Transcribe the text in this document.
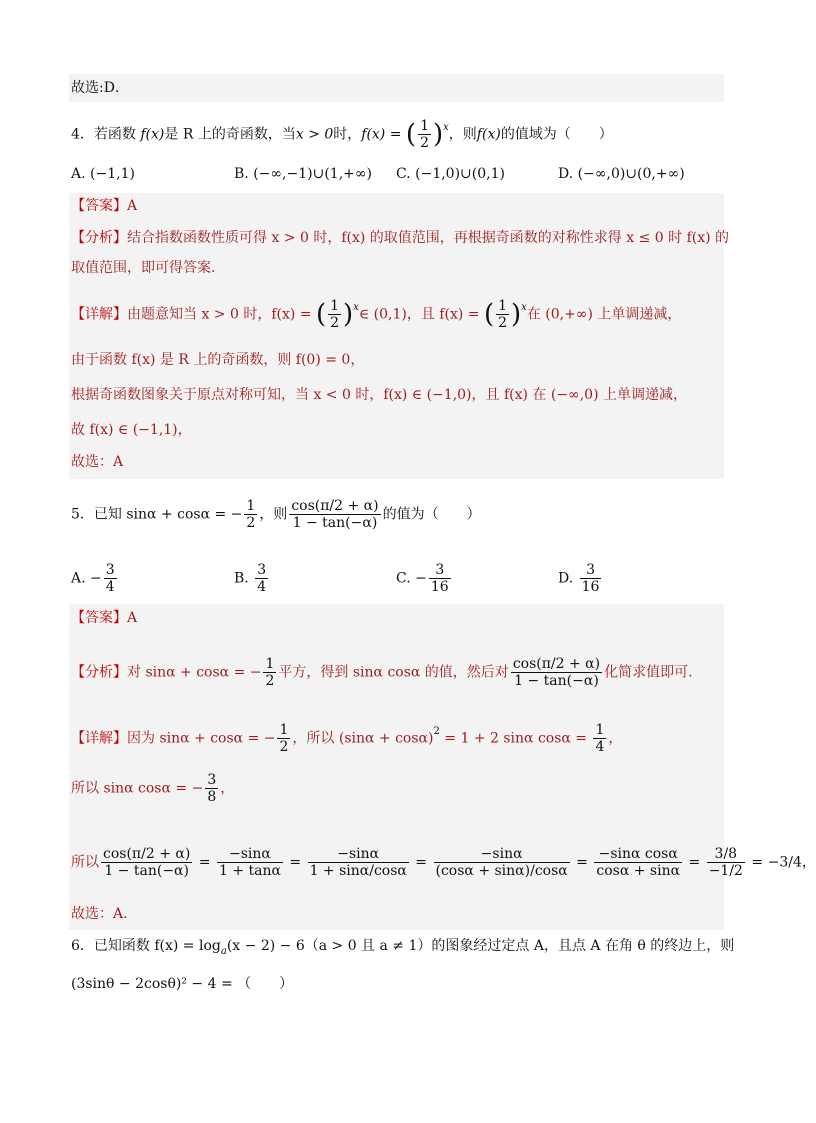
故选:D．
4．若函数 f(x)是 R 上的奇函数，当x > 0时，f(x) = ( $\frac{1}{2} )^x$，则f(x)的值域为（　　）
A. (−1,1)	B. (−∞,−1)∪(1,+∞) C. (−1,0)∪(0,1)	D. (−∞,0)∪(0,+∞)
【答案】A
【分析】结合指数函数性质可得 x > 0 时，f(x) 的取值范围，再根据奇函数的对称性求得 x ≤ 0 时 f(x) 的
取值范围，即可得答案.
【详解】由题意知当 x > 0 时，f(x) = ( $\frac{1}{2}$ )$^x$∈ (0,1)，且 f(x) = ( $\frac{1}{2} )^x$在 (0,+∞) 上单调递减，
由于函数 f(x) 是 R 上的奇函数，则 f(0) = 0，
根据奇函数图象关于原点对称可知，当 x < 0 时，f(x) ∈ (−1,0)，且 f(x) 在 (−∞,0) 上单调递减，
故 f(x) ∈ (−1,1)，
故选：A
5．已知 sinα + cosα = − $\frac{1}{2}$ ，则 $\frac{\cos(\pi/2 + \alpha)}{1 - \tan(-\alpha)}$ 的值为（　　）
A. − $\frac{3}{4}$	B. $\frac{3}{4}$	C. − $\frac{3}{16}$	D. $\frac{3}{16}$
【答案】A
【分析】对 sinα + cosα = − $\frac{1}{2}$ 平方，得到 sinα cosα 的值，然后对 $\frac{\cos(\pi/2 + \alpha)}{1 - \tan(-\alpha)}$ 化简求值即可.
【详解】因为 sinα + cosα = − $\frac{1}{2}$ ，所以 $(\sin\alpha + \cos\alpha)^2 = 1 + 2$ sinα $\cos\alpha = \frac{1}{4}$ ，
所以 sinα cosα = − $\frac{3}{8}$ ，
所以 $\frac{\cos(\pi/2 + \alpha)}{1 - \tan(-\alpha)} = \frac{-\sin\alpha}{1 + \tan\alpha} = \frac{-\sin\alpha}{1 + \sin\alpha/\cos\alpha} = \frac{-\sin\alpha}{(\cos\alpha + \sin\alpha)/\cos\alpha} = \frac{\text{−sinα cosα}}{\cos\alpha + \sin\alpha} = \frac{3/8}{-1/2} = -3/4$，
故选：A.
6．已知函数 $f(x) = \log_a(x - 2) - 6(a > 0$ 且 a ≠ 1）的图象经过定点 A，且点 A 在角 θ 的终边上，则
(3sinθ − 2cosθ)² − 4 = （　　）
